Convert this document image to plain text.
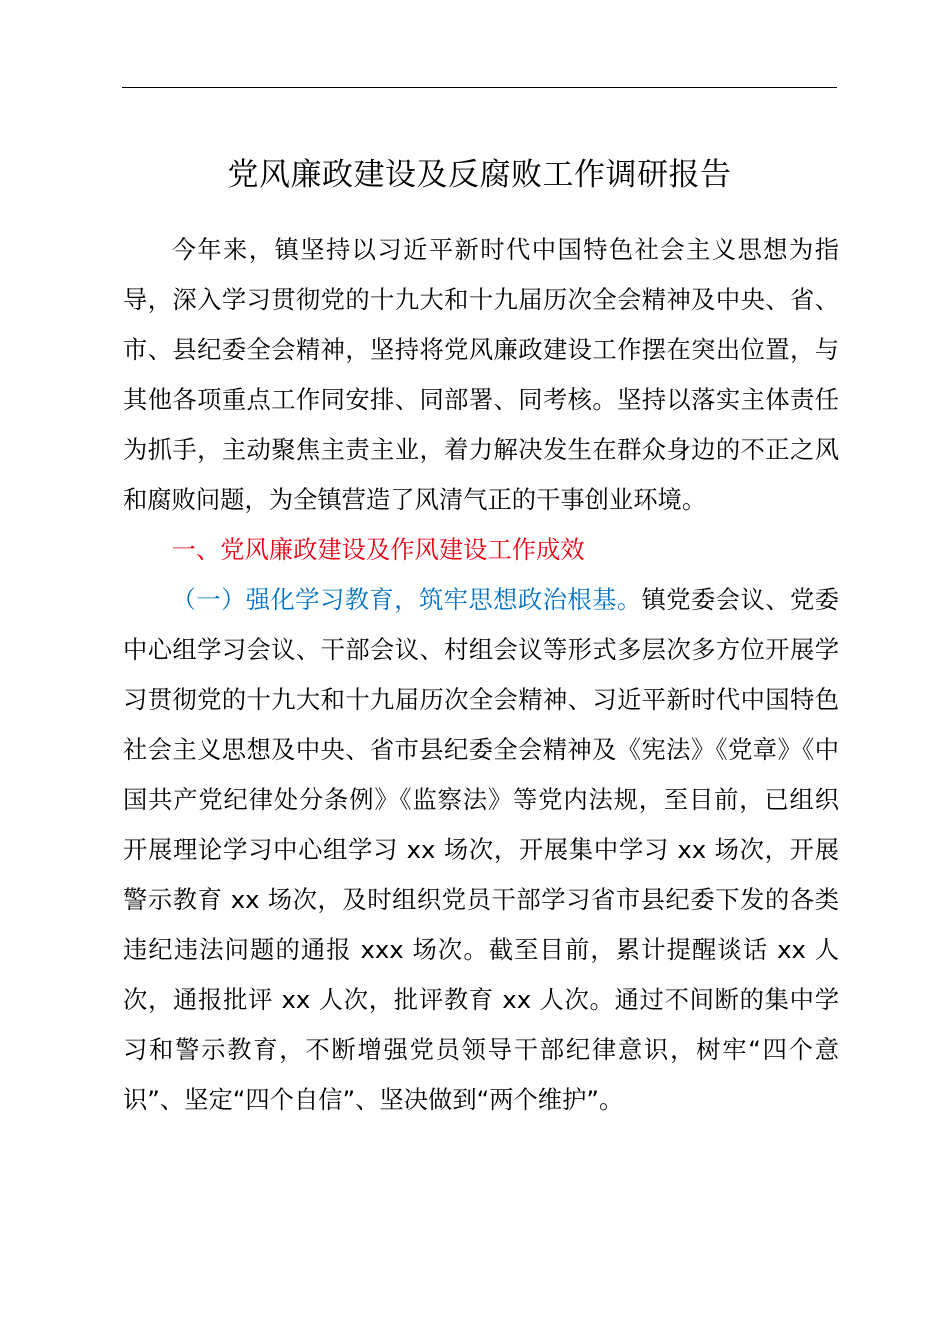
党风廉政建设及反腐败工作调研报告

今年来，镇坚持以习近平新时代中国特色社会主义思想为指导，深入学习贯彻党的十九大和十九届历次全会精神及中央、省、市、县纪委全会精神，坚持将党风廉政建设工作摆在突出位置，与其他各项重点工作同安排、同部署、同考核。坚持以落实主体责任为抓手，主动聚焦主责主业，着力解决发生在群众身边的不正之风和腐败问题，为全镇营造了风清气正的干事创业环境。

一、党风廉政建设及作风建设工作成效

（一）强化学习教育，筑牢思想政治根基。镇党委会议、党委中心组学习会议、干部会议、村组会议等形式多层次多方位开展学习贯彻党的十九大和十九届历次全会精神、习近平新时代中国特色社会主义思想及中央、省市县纪委全会精神及《宪法》《党章》《中国共产党纪律处分条例》《监察法》等党内法规，至目前，已组织开展理论学习中心组学习 xx 场次，开展集中学习 xx 场次，开展警示教育 xx 场次，及时组织党员干部学习省市县纪委下发的各类违纪违法问题的通报 xxx 场次。截至目前，累计提醒谈话 xx 人次，通报批评 xx 人次，批评教育 xx 人次。通过不间断的集中学习和警示教育，不断增强党员领导干部纪律意识，树牢“四个意识”、坚定“四个自信”、坚决做到“两个维护”。
